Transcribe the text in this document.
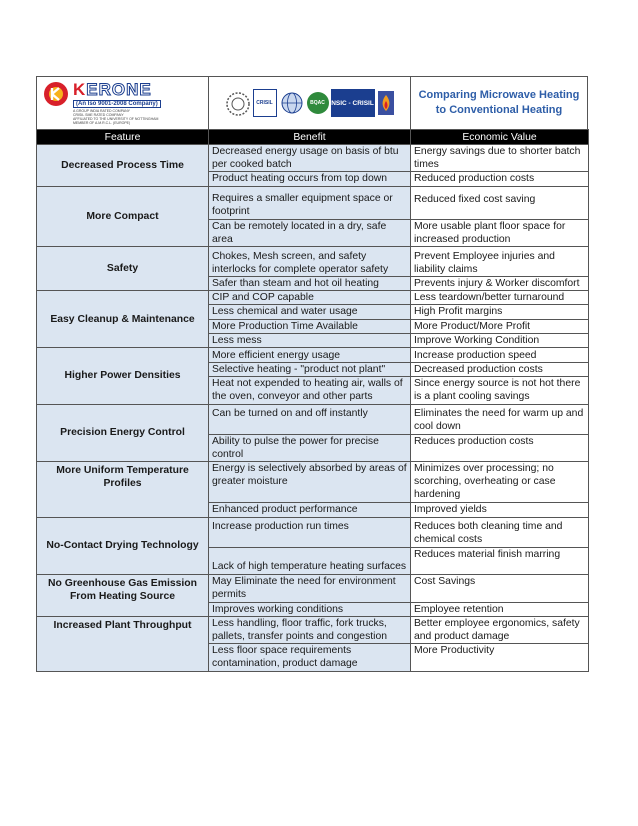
KERONE
(An Iso 9001-2008 Company)
A GROUP INDIA RATED COMPANY
CRISIL SME RATED COMPANY
AFFILIATED TO THE UNIVERSITY OF NOTTINGHAM
MEMBER OF A.M.R.C.L. (EUROPE)
CRISIL	BQAC NSIC - CRISIL
Comparing Microwave Heating to Conventional Heating
Feature	Benefit	Economic Value
Decreased Process Time	Decreased energy usage on basis of btu per cooked batch	Energy savings due to shorter batch times
	Product heating occurs from top down	Reduced production costs
More Compact	Requires a smaller equipment space or footprint	Reduced fixed cost saving
	Can be remotely located in a dry, safe area	More usable plant floor space for increased production
Safety	Chokes, Mesh screen, and safety interlocks for complete operator safety	Prevent Employee injuries and liability claims
	Safer than steam and hot oil heating	Prevents injury & Worker discomfort
Easy Cleanup & Maintenance	CIP and COP capable	Less teardown/better turnaround
	Less chemical and water usage	High Profit margins
	More Production Time Available	More Product/More Profit
	Less mess	Improve Working Condition
Higher Power Densities	More efficient energy usage	Increase production speed
	Selective heating - "product not plant"	Decreased production costs
	Heat not expended to heating air, walls of the oven, conveyor and other parts	Since energy source is not hot there is a plant cooling savings
Precision Energy Control	Can be turned on and off instantly	Eliminates the need for warm up and cool down
	Ability to pulse the power for precise control	Reduces production costs
More Uniform Temperature Profiles	Energy is selectively absorbed by areas of greater moisture	Minimizes over processing; no scorching, overheating or case hardening
	Enhanced product performance	Improved yields
No-Contact Drying Technology	Increase production run times	Reduces both cleaning time and chemical costs
	Lack of high temperature heating surfaces	Reduces material finish marring
No Greenhouse Gas Emission From Heating Source	May Eliminate the need for environment permits	Cost Savings
	Improves working conditions	Employee retention
Increased Plant Throughput	Less handling, floor traffic, fork trucks, pallets, transfer points and congestion	Better employee ergonomics, safety and product damage
	Less floor space requirements contamination, product damage	More Productivity
